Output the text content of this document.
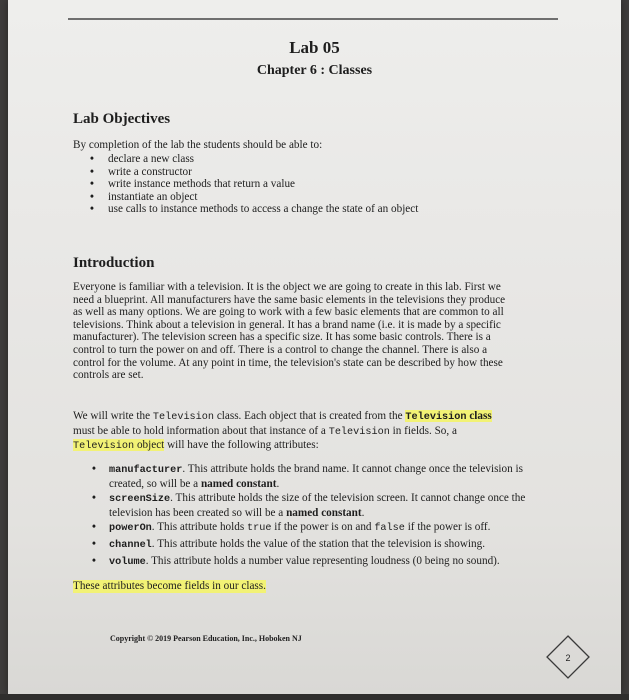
Lab 05
Chapter 6 : Classes
Lab Objectives
By completion of the lab the students should be able to:
• declare a new class
• write a constructor
• write instance methods that return a value
• instantiate an object
• use calls to instance methods to access a change the state of an object
Introduction
Everyone is familiar with a television. It is the object we are going to create in this lab. First we
need a blueprint. All manufacturers have the same basic elements in the televisions they produce
as well as many options. We are going to work with a few basic elements that are common to all
televisions. Think about a television in general. It has a brand name (i.e. it is made by a specific
manufacturer). The television screen has a specific size. It has some basic controls. There is a
control to turn the power on and off. There is a control to change the channel. There is also a
control for the volume. At any point in time, the television's state can be described by how these
controls are set.
We will write the Television class. Each object that is created from the Television class
must be able to hold information about that instance of a Television in fields. So, a
Television object will have the following attributes:
• manufacturer. This attribute holds the brand name. It cannot change once the television is created, so will be a named constant.
• screenSize. This attribute holds the size of the television screen. It cannot change once the television has been created so will be a named constant.
• powerOn. This attribute holds true if the power is on and false if the power is off.
• channel. This attribute holds the value of the station that the television is showing.
• volume. This attribute holds a number value representing loudness (0 being no sound).
These attributes become fields in our class.
Copyright © 2019 Pearson Education, Inc., Hoboken NJ
2
